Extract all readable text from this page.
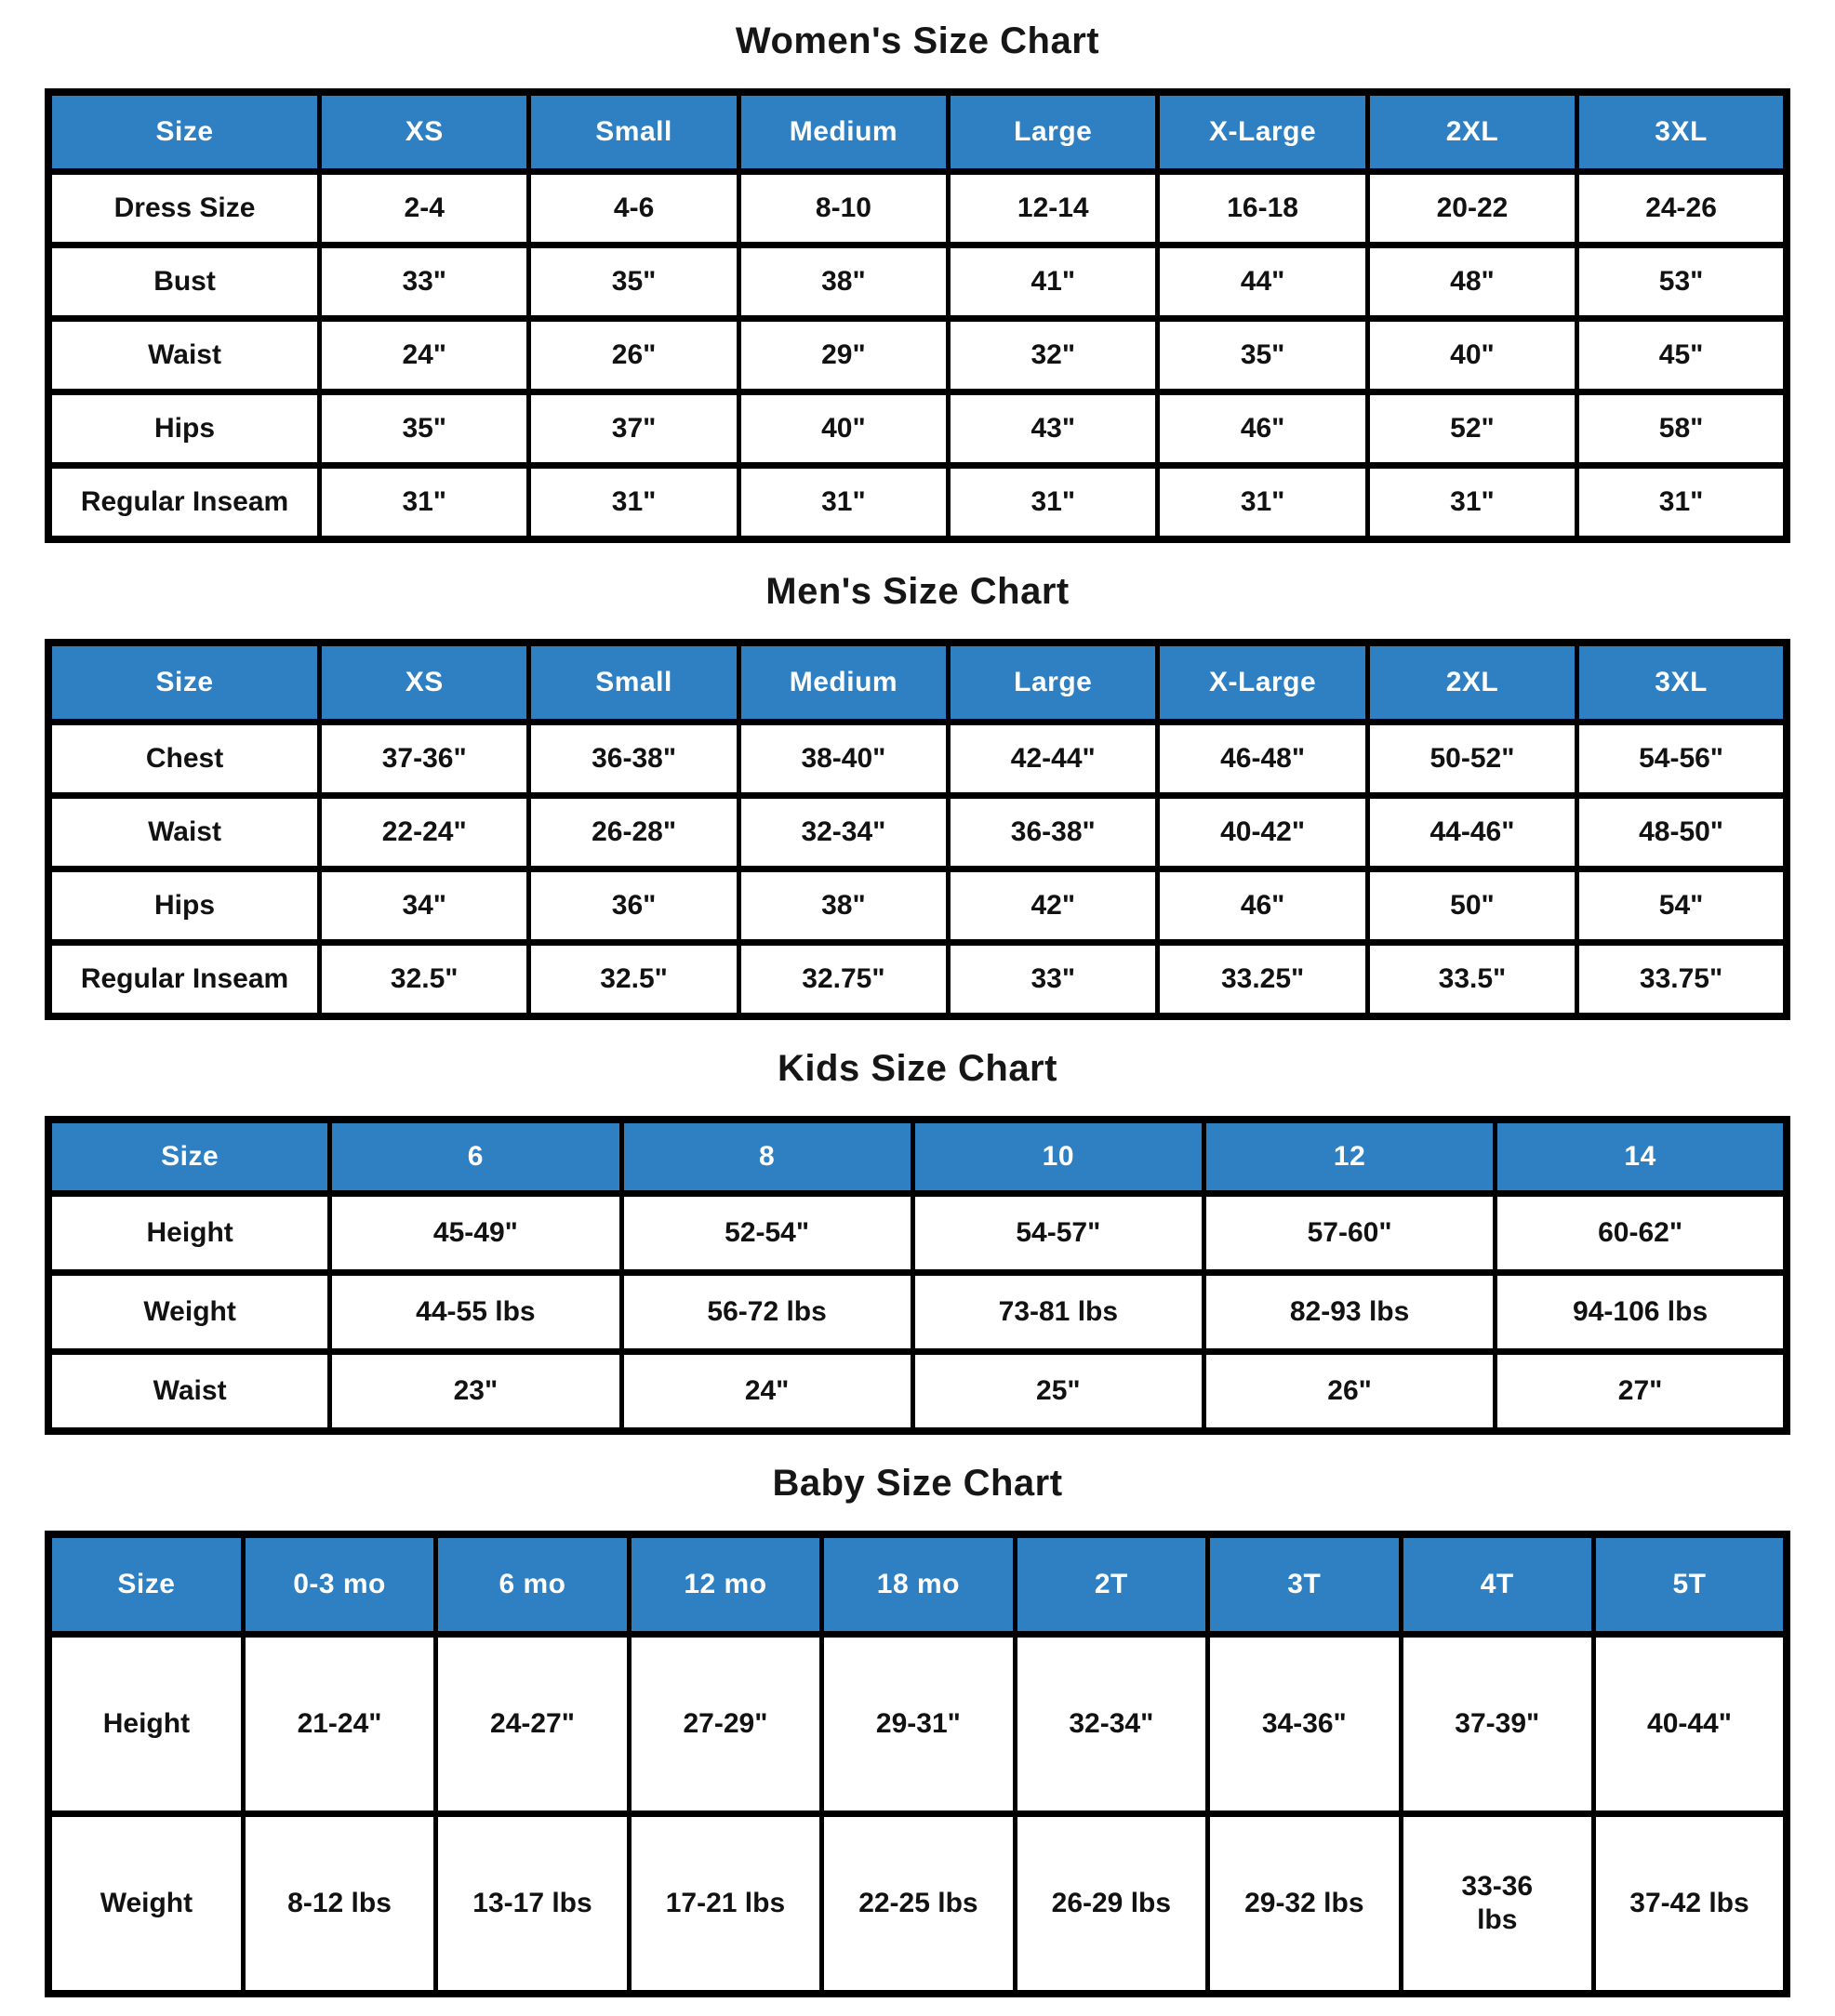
Women's Size Chart
Size	XS	Small	Medium	Large	X-Large	2XL	3XL
Dress Size	2-4	4-6	8-10	12-14	16-18	20-22	24-26
Bust	33"	35"	38"	41"	44"	48"	53"
Waist	24"	26"	29"	32"	35"	40"	45"
Hips	35"	37"	40"	43"	46"	52"	58"
Regular Inseam	31"	31"	31"	31"	31"	31"	31"
Men's Size Chart
Size	XS	Small	Medium	Large	X-Large	2XL	3XL
Chest	37-36"	36-38"	38-40"	42-44"	46-48"	50-52"	54-56"
Waist	22-24"	26-28"	32-34"	36-38"	40-42"	44-46"	48-50"
Hips	34"	36"	38"	42"	46"	50"	54"
Regular Inseam	32.5"	32.5"	32.75"	33"	33.25"	33.5"	33.75"
Kids Size Chart
Size	6	8	10	12	14
Height	45-49"	52-54"	54-57"	57-60"	60-62"
Weight	44-55 lbs	56-72 lbs	73-81 lbs	82-93 lbs	94-106 lbs
Waist	23"	24"	25"	26"	27"
Baby Size Chart
Size	0-3 mo	6 mo	12 mo	18 mo	2T	3T	4T	5T
Height	21-24"	24-27"	27-29"	29-31"	32-34"	34-36"	37-39"	40-44"
Weight	8-12 lbs	13-17 lbs	17-21 lbs	22-25 lbs	26-29 lbs	29-32 lbs	33-36 lbs	37-42 lbs
